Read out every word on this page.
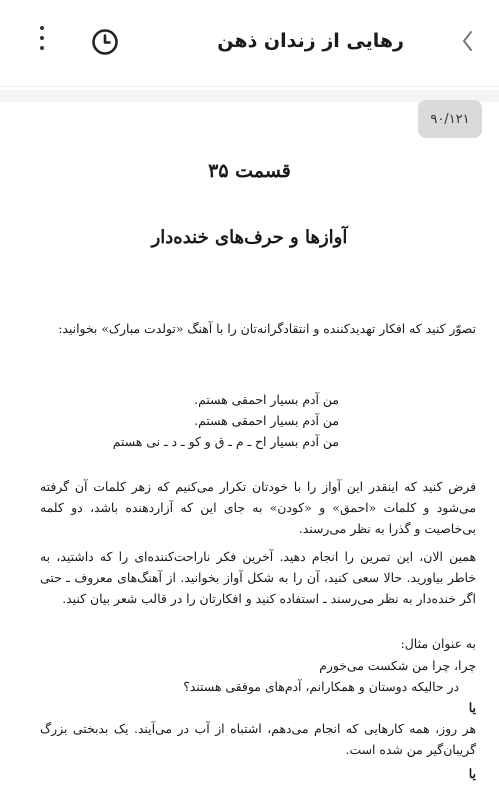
رهایی از زندان ذهن
۹۰/۱۲۱
قسمت ۳۵
آوازها و حرف‌های خنده‌دار

تصوّر کنید که افکار تهدیدکننده و انتقادگرانه‌تان را با آهنگ «تولدت مبارک» بخوانید:

من آدم بسیار احمقی هستم.
من آدم بسیار احمقی هستم.
من آدم بسیار اح ـ م ـ ق و کو ـ د ـ نی هستم

فرض کنید که اینقدر این آواز را با خودتان تکرار می‌کنیم که زهر کلمات آن گرفته می‌شود و کلمات «احمق» و «کودن» به جای این که آزاردهنده باشد، دو کلمه بی‌خاصیت و گذرا به نظر می‌رسند.

همین الان، این تمرین را انجام دهید. آخرین فکر ناراحت‌کننده‌ای را که داشتید، به خاطر بیاورید. حالا سعی کنید، آن را به شکل آواز بخوانید. از آهنگ‌های معروف ـ حتی اگر خنده‌دار به نظر می‌رسند ـ استفاده کنید و افکارتان را در قالب شعر بیان کنید.

به عنوان مثال:
چرا، چرا من شکست می‌خورم
در حالیکه دوستان و همکارانم، آدم‌های موفقی هستند؟
یا

هر روز، همه کارهایی که انجام می‌دهم، اشتباه از آب در می‌آیند. یک بدبختی بزرگ گریبان‌گیر من شده است.

یا
